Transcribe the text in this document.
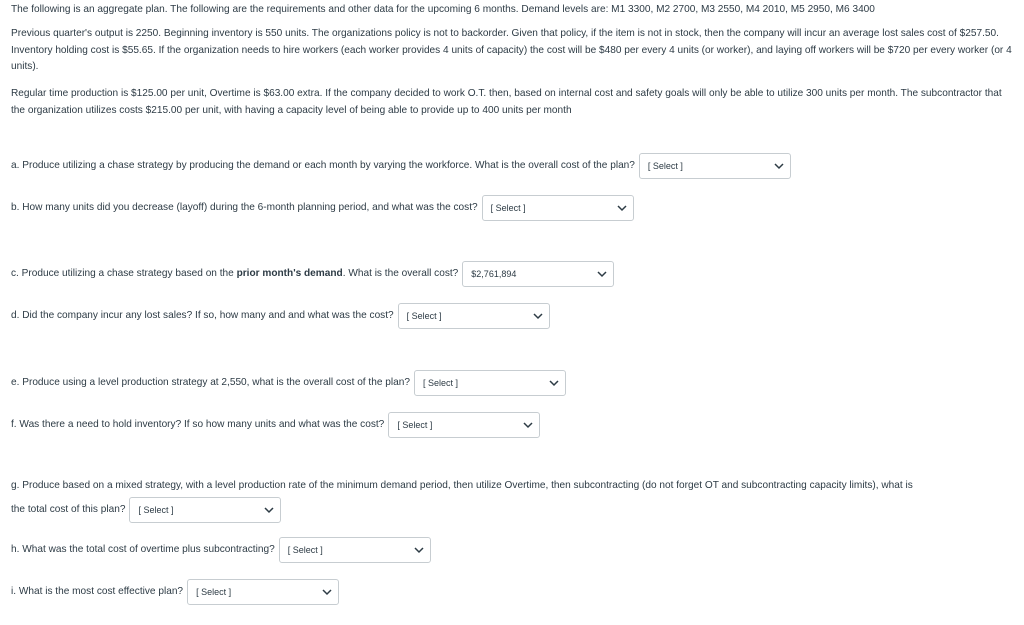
The following is an aggregate plan. The following are the requirements and other data for the upcoming 6 months. Demand levels are: M1 3300, M2 2700, M3 2550, M4 2010, M5 2950, M6 3400

Previous quarter's output is 2250. Beginning inventory is 550 units. The organizations policy is not to backorder. Given that policy, if the item is not in stock, then the company will incur an average lost sales cost of $257.50. Inventory holding cost is $55.65. If the organization needs to hire workers (each worker provides 4 units of capacity) the cost will be $480 per every 4 units (or worker), and laying off workers will be $720 per every worker (or 4 units).

Regular time production is $125.00 per unit, Overtime is $63.00 extra. If the company decided to work O.T. then, based on internal cost and safety goals will only be able to utilize 300 units per month. The subcontractor that the organization utilizes costs $215.00 per unit, with having a capacity level of being able to provide up to 400 units per month

a. Produce utilizing a chase strategy by producing the demand or each month by varying the workforce. What is the overall cost of the plan? [ Select ]
b. How many units did you decrease (layoff) during the 6-month planning period, and what was the cost? [ Select ]
c. Produce utilizing a chase strategy based on the prior month's demand. What is the overall cost? $2,761,894
d. Did the company incur any lost sales? If so, how many and and what was the cost? [ Select ]
e. Produce using a level production strategy at 2,550, what is the overall cost of the plan? [ Select ]
f. Was there a need to hold inventory? If so how many units and what was the cost? [ Select ]
g. Produce based on a mixed strategy, with a level production rate of the minimum demand period, then utilize Overtime, then subcontracting (do not forget OT and subcontracting capacity limits), what is
the total cost of this plan? [ Select ]
h. What was the total cost of overtime plus subcontracting? [ Select ]
i. What is the most cost effective plan? [ Select ]
